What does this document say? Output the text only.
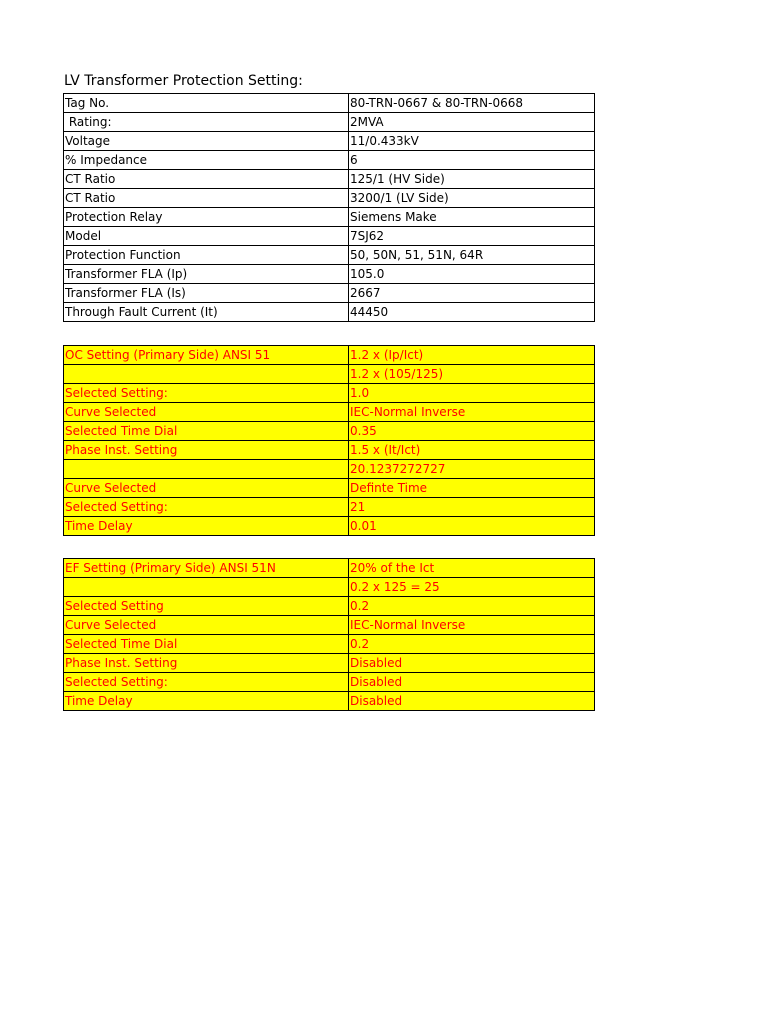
LV Transformer Protection Setting:
Tag No.	80-TRN-0667 & 80-TRN-0668
Rating:	2MVA
Voltage	11/0.433kV
% Impedance	6
CT Ratio	125/1 (HV Side)
CT Ratio	3200/1 (LV Side)
Protection Relay	Siemens Make
Model	7SJ62
Protection Function	50, 50N, 51, 51N, 64R
Transformer FLA (Ip)	105.0
Transformer FLA (Is)	2667
Through Fault Current (It)	44450
OC Setting (Primary Side) ANSI 51	1.2 x (Ip/Ict)
	1.2 x (105/125)
Selected Setting:	1.0
Curve Selected	IEC-Normal Inverse
Selected Time Dial	0.35
Phase Inst. Setting	1.5 x (It/Ict)
	20.1237272727
Curve Selected	Definte Time
Selected Setting:	21
Time Delay	0.01
EF Setting (Primary Side) ANSI 51N	20% of the Ict
	0.2 x 125 = 25
Selected Setting	0.2
Curve Selected	IEC-Normal Inverse
Selected Time Dial	0.2
Phase Inst. Setting	Disabled
Selected Setting:	Disabled
Time Delay	Disabled
